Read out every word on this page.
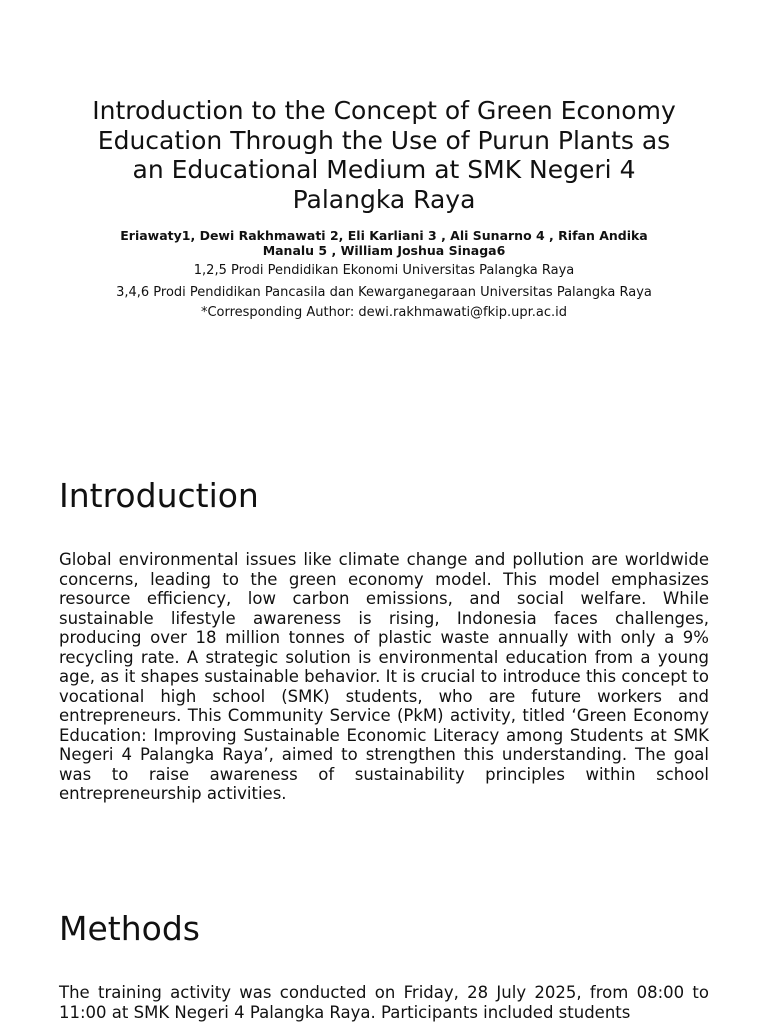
Introduction to the Concept of Green Economy Education Through the Use of Purun Plants as an Educational Medium at SMK Negeri 4 Palangka Raya

Eriawaty1, Dewi Rakhmawati 2, Eli Karliani 3 , Ali Sunarno 4 , Rifan Andika Manalu 5 , William Joshua Sinaga6

1,2,5 Prodi Pendidikan Ekonomi Universitas Palangka Raya

3,4,6 Prodi Pendidikan Pancasila dan Kewarganegaraan Universitas Palangka Raya

*Corresponding Author: dewi.rakhmawati@fkip.upr.ac.id

Introduction

Global environmental issues like climate change and pollution are worldwide concerns, leading to the green economy model. This model emphasizes resource efficiency, low carbon emissions, and social welfare. While sustainable lifestyle awareness is rising, Indonesia faces challenges, producing over 18 million tonnes of plastic waste annually with only a 9% recycling rate. A strategic solution is environmental education from a young age, as it shapes sustainable behavior. It is crucial to introduce this concept to vocational high school (SMK) students, who are future workers and entrepreneurs. This Community Service (PkM) activity, titled ‘Green Economy Education: Improving Sustainable Economic Literacy among Students at SMK Negeri 4 Palangka Raya’, aimed to strengthen this understanding. The goal was to raise awareness of sustainability principles within school entrepreneurship activities.

Methods

The training activity was conducted on Friday, 28 July 2025, from 08:00 to 11:00 at SMK Negeri 4 Palangka Raya. Participants included students
